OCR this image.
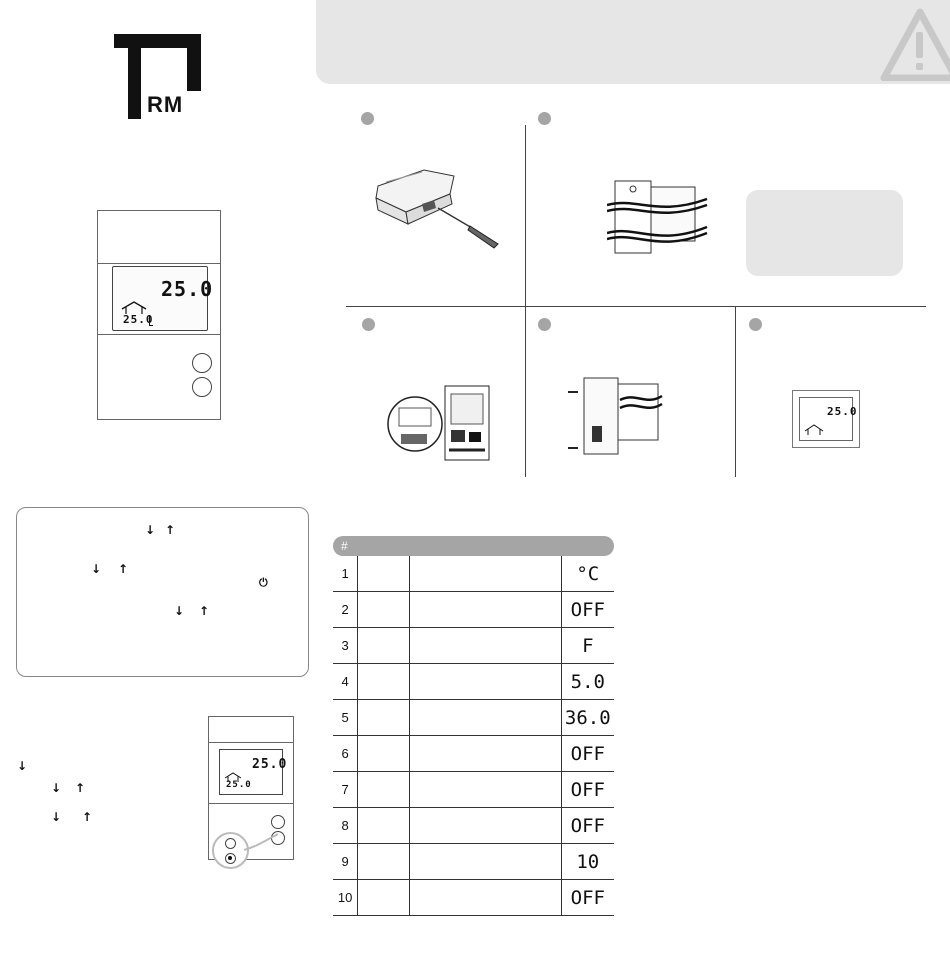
RM
25.0
25.0
25.0
↓ ↑
↓ ↑
⏻
↓ ↑
↓
↓ ↑
↓ ↑
25.0
25.0
#			
1			°C
2			OFF
3			F
4			5.0
5			36.0
6			OFF
7			OFF
8			OFF
9			10
10			OFF
